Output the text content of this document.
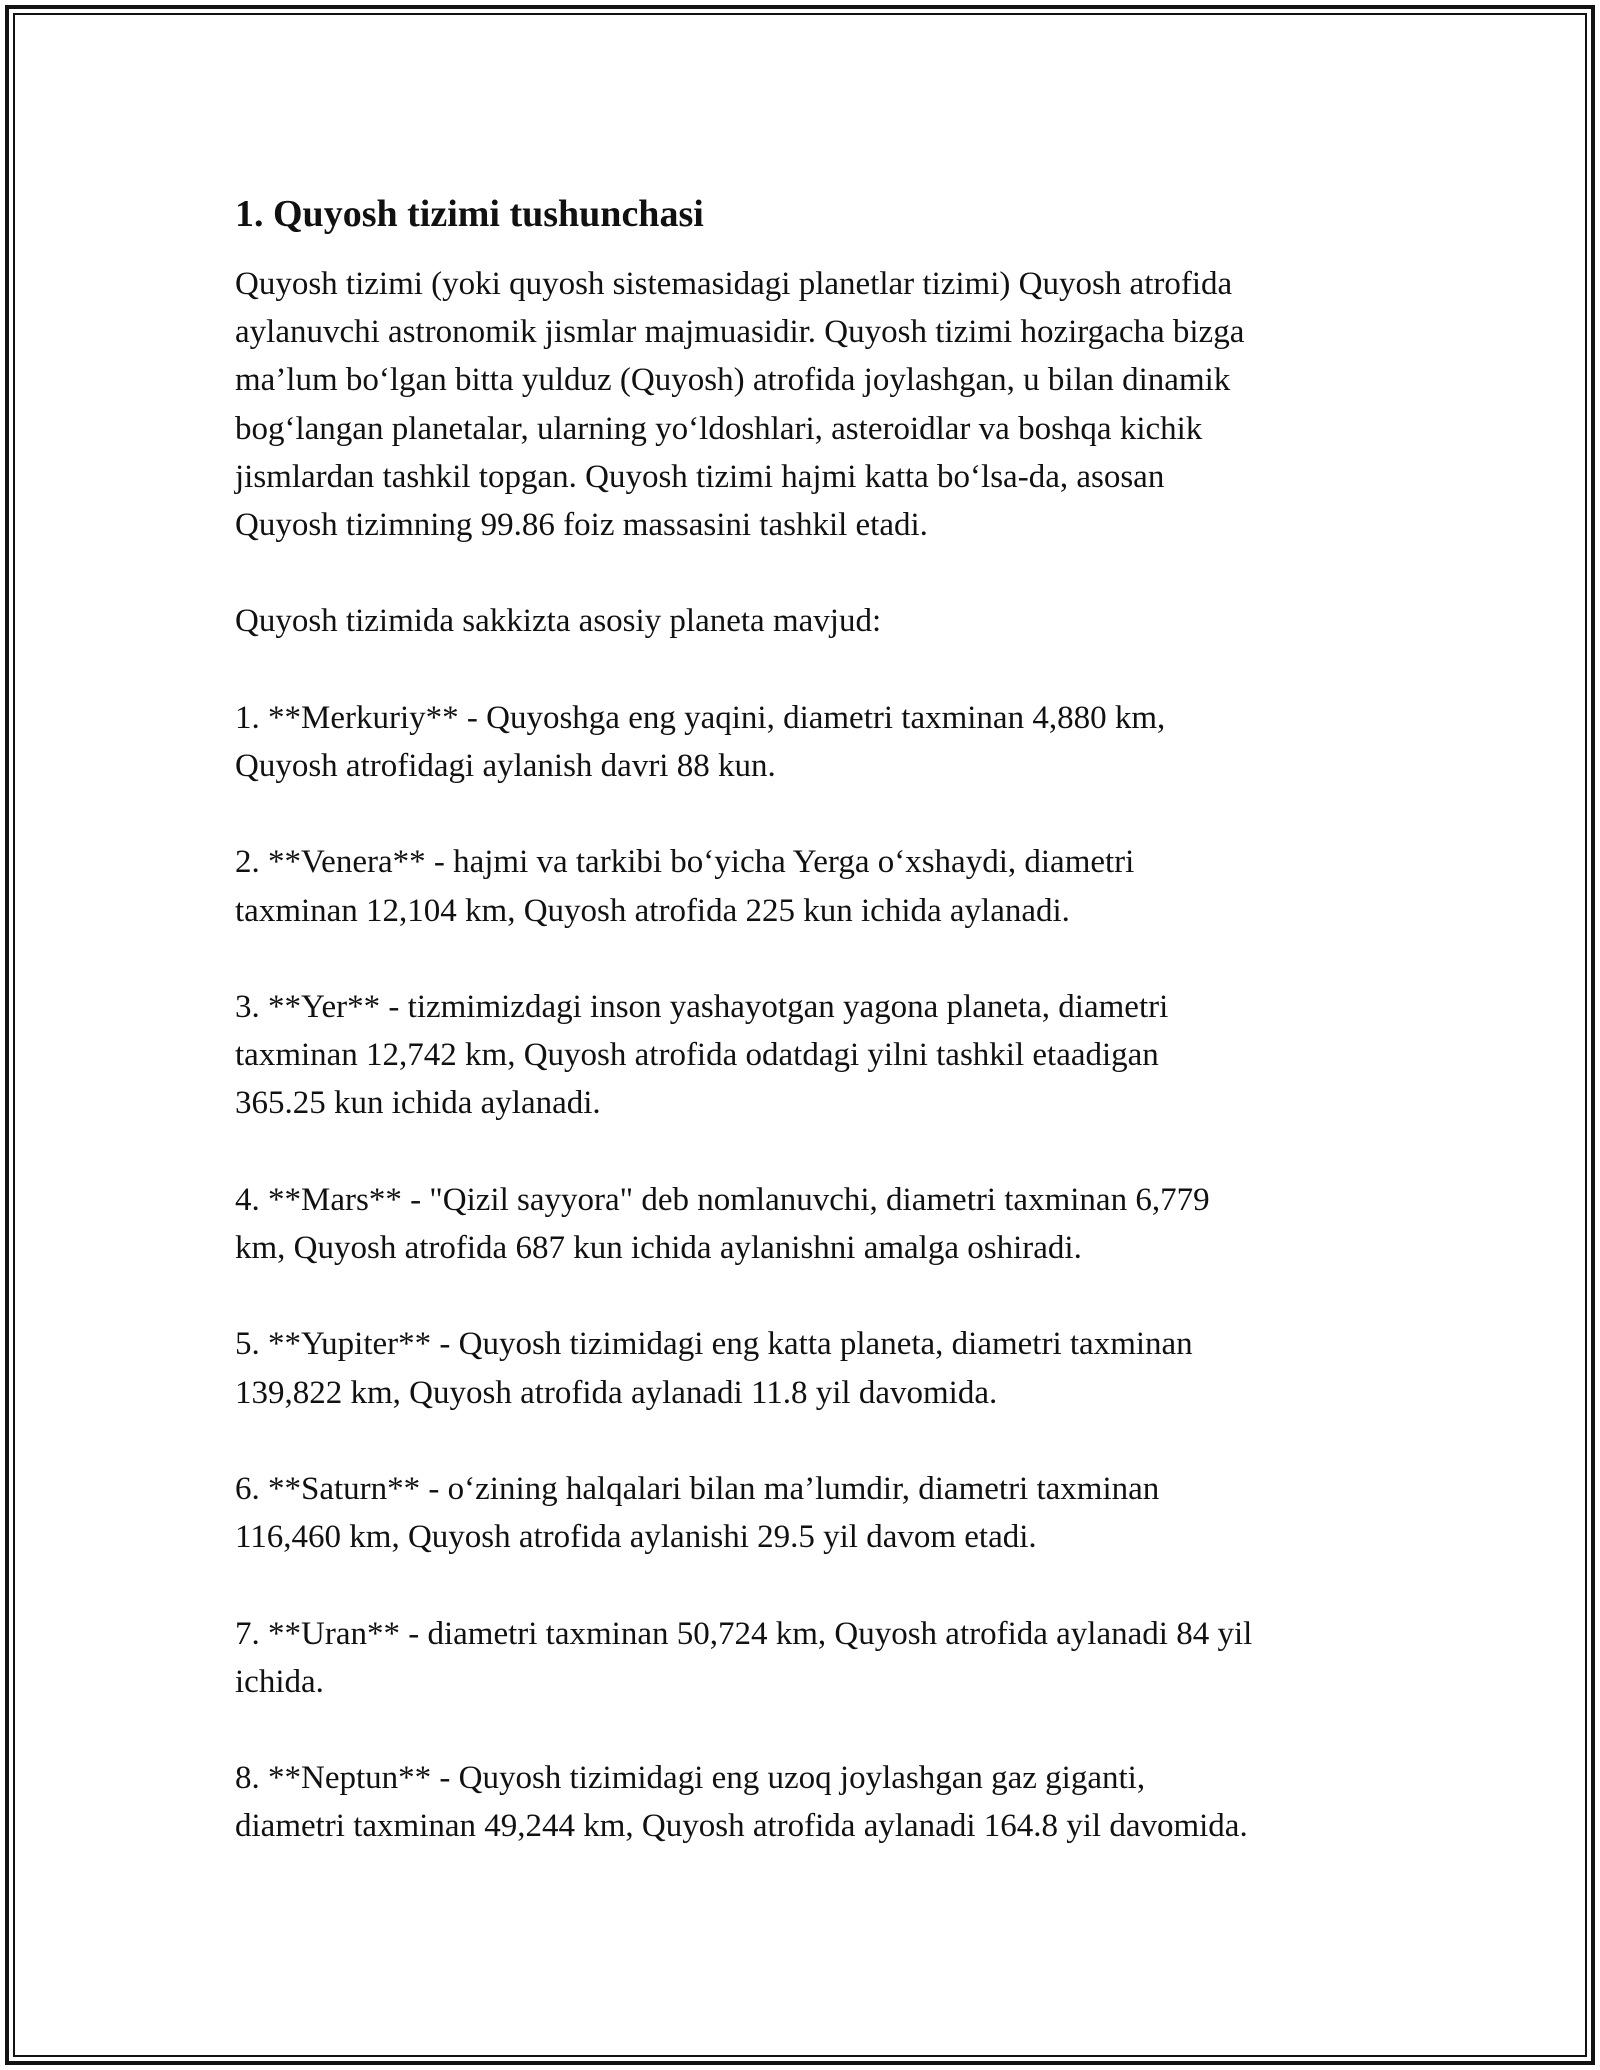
1. Quyosh tizimi tushunchasi

Quyosh tizimi (yoki quyosh sistemasidagi planetlar tizimi) Quyosh atrofida
aylanuvchi astronomik jismlar majmuasidir. Quyosh tizimi hozirgacha bizga
ma’lum bo‘lgan bitta yulduz (Quyosh) atrofida joylashgan, u bilan dinamik
bog‘langan planetalar, ularning yo‘ldoshlari, asteroidlar va boshqa kichik
jismlardan tashkil topgan. Quyosh tizimi hajmi katta bo‘lsa-da, asosan
Quyosh tizimning 99.86 foiz massasini tashkil etadi.

Quyosh tizimida sakkizta asosiy planeta mavjud:

1. **Merkuriy** - Quyoshga eng yaqini, diametri taxminan 4,880 km,
Quyosh atrofidagi aylanish davri 88 kun.

2. **Venera** - hajmi va tarkibi bo‘yicha Yerga o‘xshaydi, diametri
taxminan 12,104 km, Quyosh atrofida 225 kun ichida aylanadi.

3. **Yer** - tizmimizdagi inson yashayotgan yagona planeta, diametri
taxminan 12,742 km, Quyosh atrofida odatdagi yilni tashkil etaadigan
365.25 kun ichida aylanadi.

4. **Mars** - "Qizil sayyora" deb nomlanuvchi, diametri taxminan 6,779
km, Quyosh atrofida 687 kun ichida aylanishni amalga oshiradi.

5. **Yupiter** - Quyosh tizimidagi eng katta planeta, diametri taxminan
139,822 km, Quyosh atrofida aylanadi 11.8 yil davomida.

6. **Saturn** - o‘zining halqalari bilan ma’lumdir, diametri taxminan
116,460 km, Quyosh atrofida aylanishi 29.5 yil davom etadi.

7. **Uran** - diametri taxminan 50,724 km, Quyosh atrofida aylanadi 84 yil
ichida.

8. **Neptun** - Quyosh tizimidagi eng uzoq joylashgan gaz giganti,
diametri taxminan 49,244 km, Quyosh atrofida aylanadi 164.8 yil davomida.
